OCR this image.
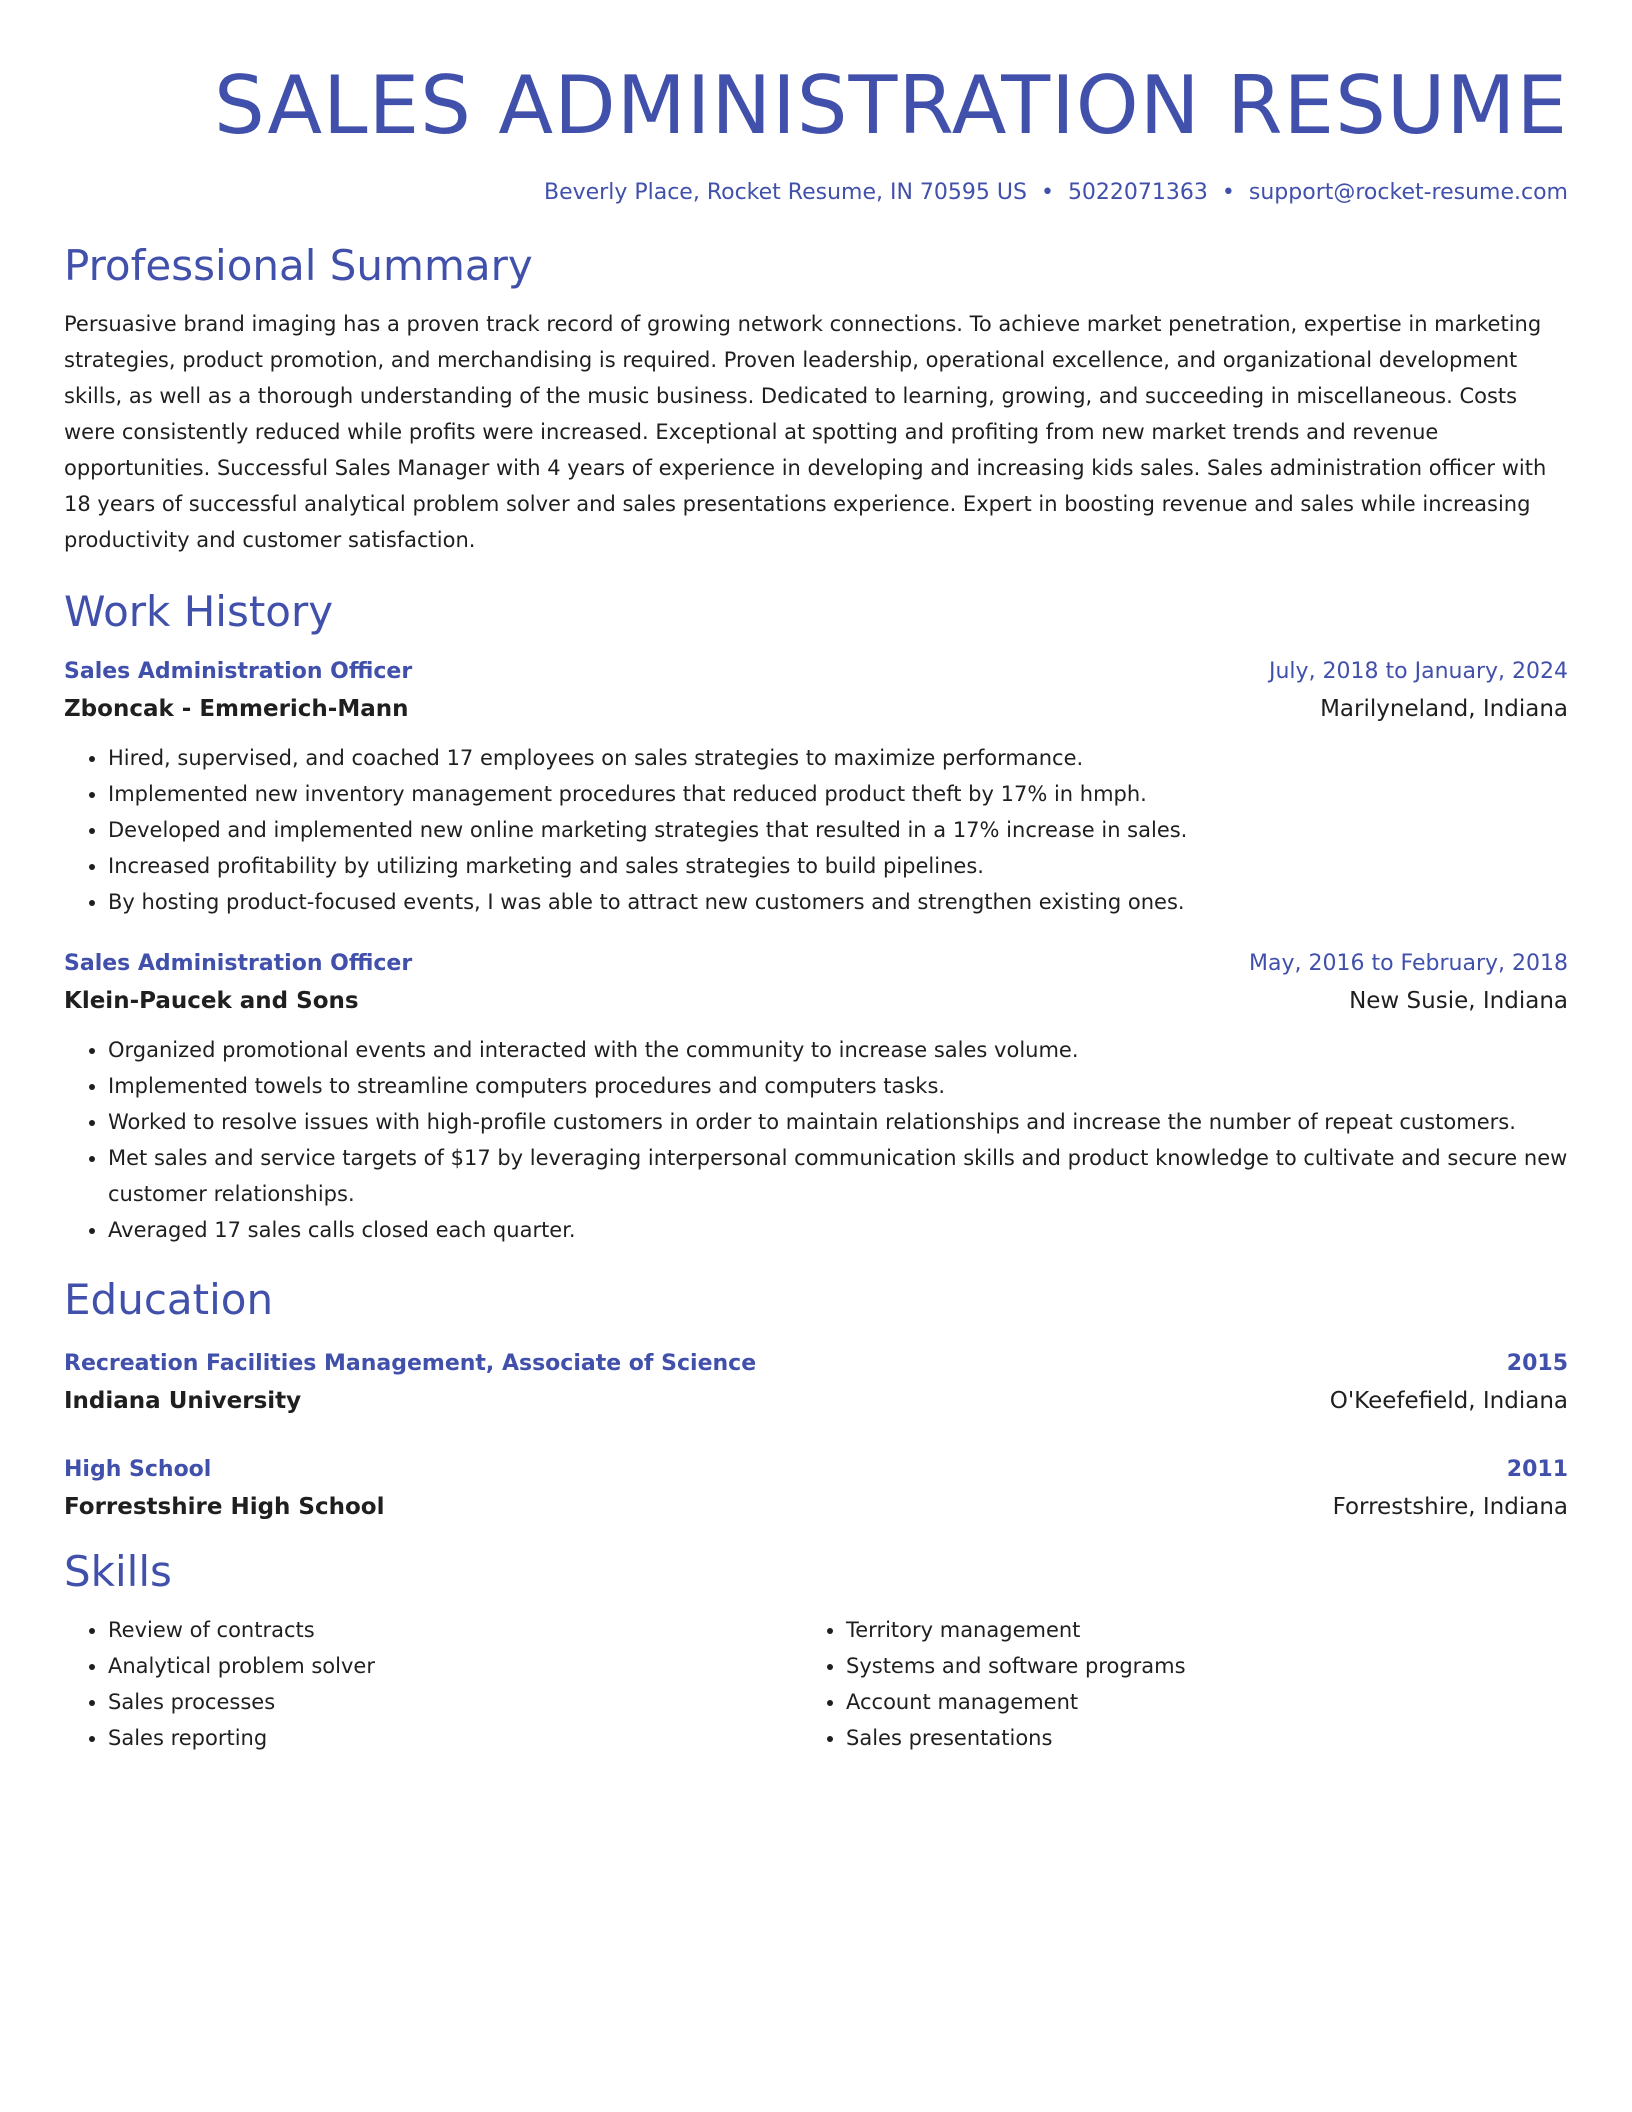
SALES ADMINISTRATION RESUME
Beverly Place, Rocket Resume, IN 70595 US • 5022071363 • support@rocket-resume.com
Professional Summary
Persuasive brand imaging has a proven track record of growing network connections. To achieve market penetration, expertise in marketing strategies, product promotion, and merchandising is required. Proven leadership, operational excellence, and organizational development skills, as well as a thorough understanding of the music business. Dedicated to learning, growing, and succeeding in miscellaneous. Costs were consistently reduced while profits were increased. Exceptional at spotting and profiting from new market trends and revenue opportunities. Successful Sales Manager with 4 years of experience in developing and increasing kids sales. Sales administration officer with 18 years of successful analytical problem solver and sales presentations experience. Expert in boosting revenue and sales while increasing productivity and customer satisfaction.
Work History
Sales Administration Officer	July, 2018 to January, 2024
Zboncak - Emmerich-Mann	Marilyneland, Indiana
• Hired, supervised, and coached 17 employees on sales strategies to maximize performance.
• Implemented new inventory management procedures that reduced product theft by 17% in hmph.
• Developed and implemented new online marketing strategies that resulted in a 17% increase in sales.
• Increased profitability by utilizing marketing and sales strategies to build pipelines.
• By hosting product-focused events, I was able to attract new customers and strengthen existing ones.
Sales Administration Officer	May, 2016 to February, 2018
Klein-Paucek and Sons	New Susie, Indiana
• Organized promotional events and interacted with the community to increase sales volume.
• Implemented towels to streamline computers procedures and computers tasks.
• Worked to resolve issues with high-profile customers in order to maintain relationships and increase the number of repeat customers.
• Met sales and service targets of $17 by leveraging interpersonal communication skills and product knowledge to cultivate and secure new customer relationships.
• Averaged 17 sales calls closed each quarter.
Education
Recreation Facilities Management, Associate of Science	2015
Indiana University	O'Keefefield, Indiana
High School	2011
Forrestshire High School	Forrestshire, Indiana
Skills
• Review of contracts
• Analytical problem solver
• Sales processes
• Sales reporting
• Territory management
• Systems and software programs
• Account management
• Sales presentations
